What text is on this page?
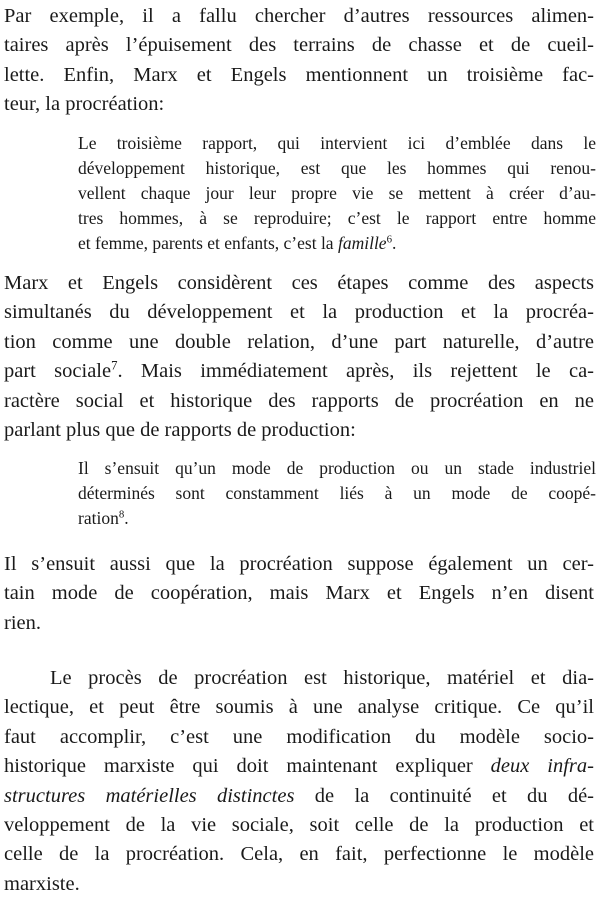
Par exemple, il a fallu chercher d’autres ressources alimen-
taires après l’épuisement des terrains de chasse et de cueil-
lette. Enfin, Marx et Engels mentionnent un troisième fac-
teur, la procréation:

Le troisième rapport, qui intervient ici d’emblée dans le
développement historique, est que les hommes qui renou-
vellent chaque jour leur propre vie se mettent à créer d’au-
tres hommes, à se reproduire; c’est le rapport entre homme
et femme, parents et enfants, c’est la famille$^6$.

Marx et Engels considèrent ces étapes comme des aspects
simultanés du développement et la production et la procréa-
tion comme une double relation, d’une part naturelle, d’autre
part sociale$^7$. Mais immédiatement après, ils rejettent le ca-
ractère social et historique des rapports de procréation en ne
parlant plus que de rapports de production:

Il s’ensuit qu’un mode de production ou un stade industriel
déterminés sont constamment liés à un mode de coopé-
ration$^8$.

Il s’ensuit aussi que la procréation suppose également un cer-
tain mode de coopération, mais Marx et Engels n’en disent
rien.

Le procès de procréation est historique, matériel et dia-
lectique, et peut être soumis à une analyse critique. Ce qu’il
faut accomplir, c’est une modification du modèle socio-
historique marxiste qui doit maintenant expliquer deux infra-
structures matérielles distinctes de la continuité et du dé-
veloppement de la vie sociale, soit celle de la production et
celle de la procréation. Cela, en fait, perfectionne le modèle
marxiste.
